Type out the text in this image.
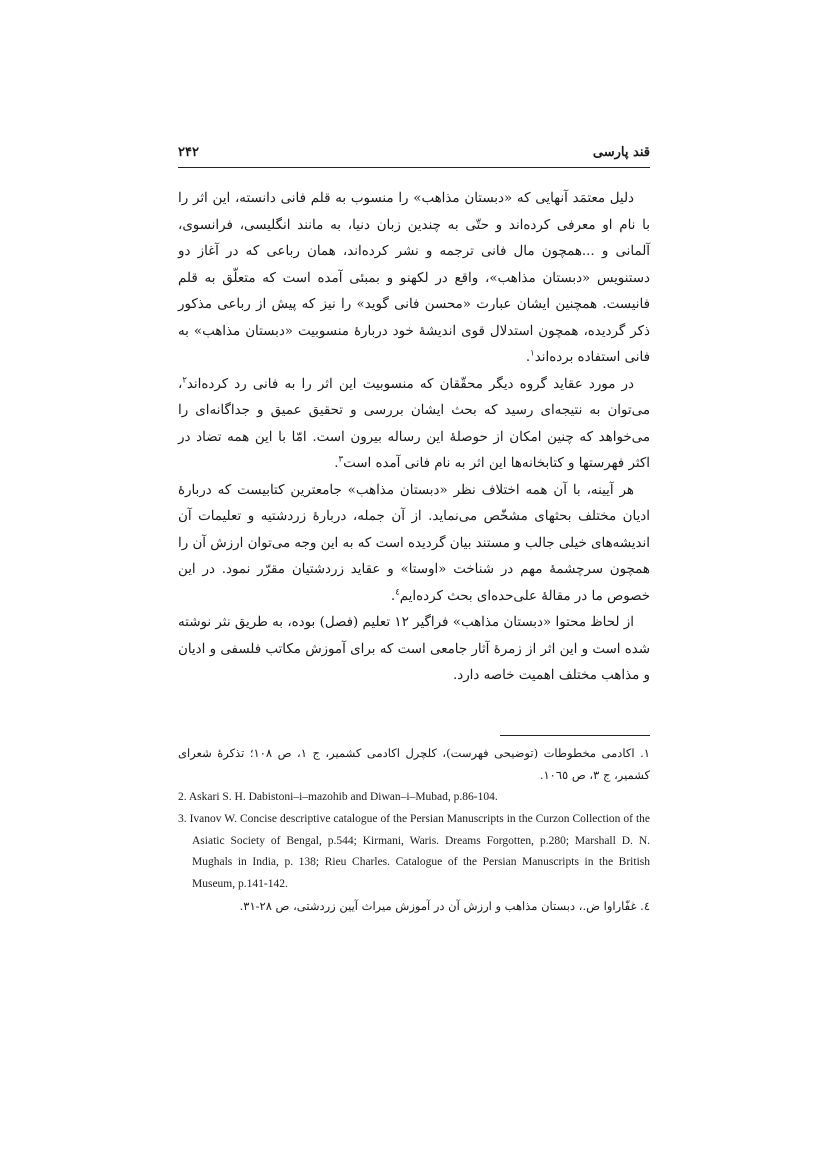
قند پارسی
۲۴۲

دلیل معتمَد آنهایی که «دبستان مذاهب» را منسوب به قلم فانی دانسته، این اثر را با نام او معرفی کرده‌اند و حتّی به چندین زبان دنیا، به مانند انگلیسی، فرانسوی، آلمانی و ...همچون مال فانی ترجمه و نشر کرده‌اند، همان رباعی که در آغاز دو دستنویس «دبستان مذاهب»، واقع در لکهنو و بمبئی آمده است که متعلّق به قلم فانیست. همچنین ایشان عبارت «محسن فانی گوید» را نیز که پیش از رباعی مذکور ذکر گردیده، همچون استدلال قوی اندیشهٔ خود دربارهٔ منسوبیت «دبستان مذاهب» به فانی استفاده برده‌اند$^۱$.

در مورد عقاید گروه دیگر محقّقان که منسوبیت این اثر را به فانی رد کرده‌اند$^۲$، می‌توان به نتیجه‌ای رسید که بحث ایشان بررسی و تحقیق عمیق و جداگانه‌ای را می‌خواهد که چنین امکان از حوصلهٔ این رساله بیرون است. امّا با این همه تضاد در اکثر فهرستها و کتابخانه‌ها این اثر به نام فانی آمده است$^۳$.

هر آیینه، با آن همه اختلاف نظر «دبستان مذاهب» جامعترین کتابیست که دربارهٔ ادیان مختلف بحثهای مشخّص می‌نماید. از آن جمله، دربارهٔ زردشتیه و تعلیمات آن اندیشه‌های خیلی جالب و مستند بیان گردیده است که به این وجه می‌توان ارزش آن را همچون سرچشمهٔ مهم در شناخت «اوستا» و عقاید زردشتیان مقرّر نمود. در این خصوص ما در مقالهٔ علی‌حده‌ای بحث کرده‌ایم$^٤$.

از لحاظ محتوا «دبستان مذاهب» فراگیر ۱۲ تعلیم (فصل) بوده، به طریق نثر نوشته شده است و این اثر از زمرهٔ آثار جامعی است که برای آموزش مکاتب فلسفی و ادیان و مذاهب مختلف اهمیت خاصه دارد.

۱. اکادمی مخطوطات (توضیحی فهرست)، کلچرل اکادمی کشمیر، ج ۱، ص ۱۰۸؛ تذکرهٔ شعرای کشمیر، ج ۳، ص ۱۰٦٥.

2. Askari S. H. Dabistoni–i–mazohib and Diwan–i–Mubad, p.86-104.

3. Ivanov W. Concise descriptive catalogue of the Persian Manuscripts in the Curzon Collection of the Asiatic Society of Bengal, p.544; Kirmani, Waris. Dreams Forgotten, p.280; Marshall D. N. Mughals in India, p. 138; Rieu Charles. Catalogue of the Persian Manuscripts in the British Museum, p.141-142.

٤. غفّاراوا ض.، دبستان مذاهب و ارزش آن در آموزش میراث آیین زردشتی، ص ۲۸-۳۱.
